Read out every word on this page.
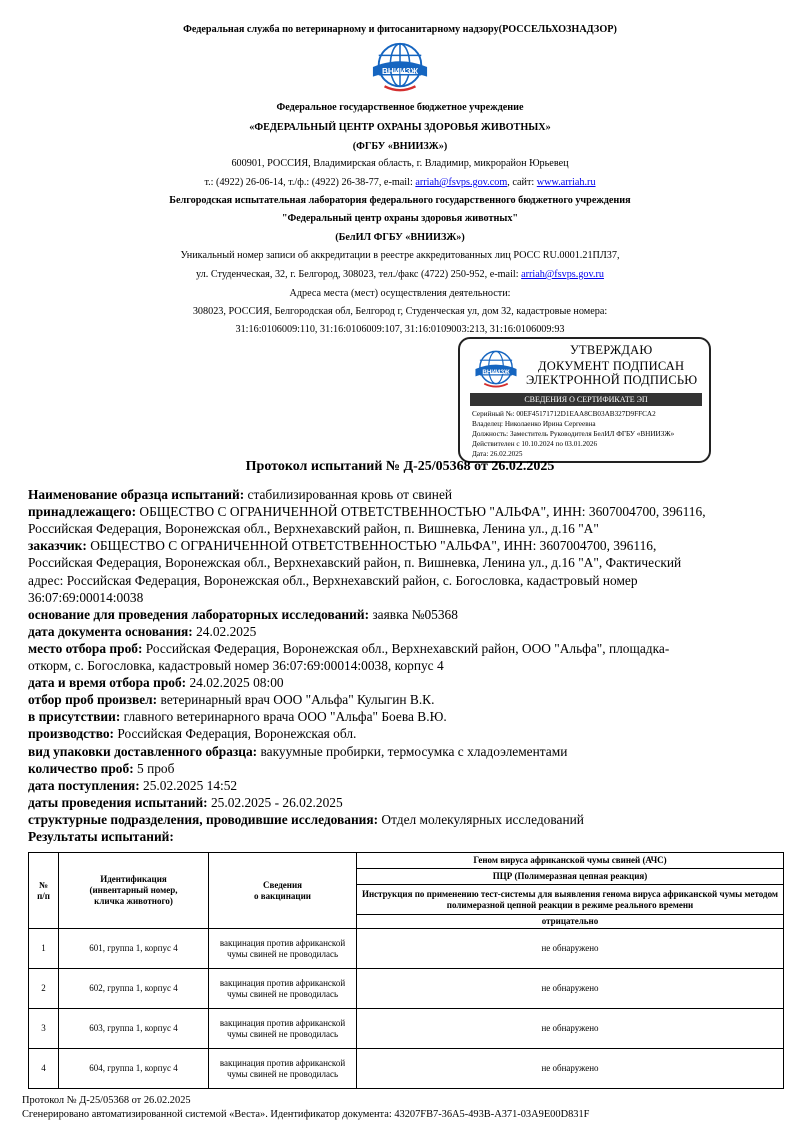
Федеральная служба по ветеринарному и фитосанитарному надзору(РОССЕЛЬХОЗНАДЗОР)
ВНИИЗЖ
Федеральное государственное бюджетное учреждение
«ФЕДЕРАЛЬНЫЙ ЦЕНТР ОХРАНЫ ЗДОРОВЬЯ ЖИВОТНЫХ»
(ФГБУ «ВНИИЗЖ»)
600901, РОССИЯ, Владимирская область, г. Владимир, микрорайон Юрьевец
т.: (4922) 26-06-14, т./ф.: (4922) 26-38-77, e-mail: arriah@fsvps.gov.com, сайт: www.arriah.ru
Белгородская испытательная лаборатория федерального государственного бюджетного учреждения
"Федеральный центр охраны здоровья животных"
(БелИЛ ФГБУ «ВНИИЗЖ»)
Уникальный номер записи об аккредитации в реестре аккредитованных лиц РОСС RU.0001.21ПЛ37,
ул. Студенческая, 32, г. Белгород, 308023, тел./факс (4722) 250-952, e-mail: arriah@fsvps.gov.ru
Адреса места (мест) осуществления деятельности:
308023, РОССИЯ, Белгородская обл, Белгород г, Студенческая ул, дом 32, кадастровые номера:
31:16:0106009:110, 31:16:0106009:107, 31:16:0109003:213, 31:16:0106009:93
ВНИИЗЖ
УТВЕРЖДАЮ
ДОКУМЕНТ ПОДПИСАН
ЭЛЕКТРОННОЙ ПОДПИСЬЮ
СВЕДЕНИЯ О СЕРТИФИКАТЕ ЭП
Серийный №: 00EF45171712D1EAA8CB03AB327D9FFCA2
Владелец: Николаенко Ирина Сергеевна
Должность: Заместитель Руководителя БелИЛ ФГБУ «ВНИИЗЖ»
Действителен с 10.10.2024 по 03.01.2026
Дата: 26.02.2025
Протокол испытаний № Д-25/05368 от 26.02.2025
Наименование образца испытаний: стабилизированная кровь от свиней
принадлежащего: ОБЩЕСТВО С ОГРАНИЧЕННОЙ ОТВЕТСТВЕННОСТЬЮ "АЛЬФА", ИНН: 3607004700, 396116,
Российская Федерация, Воронежская обл., Верхнехавский район, п. Вишневка, Ленина ул., д.16 "А"
заказчик: ОБЩЕСТВО С ОГРАНИЧЕННОЙ ОТВЕТСТВЕННОСТЬЮ "АЛЬФА", ИНН: 3607004700, 396116,
Российская Федерация, Воронежская обл., Верхнехавский район, п. Вишневка, Ленина ул., д.16 "А", Фактический
адрес: Российская Федерация, Воронежская обл., Верхнехавский район, с. Богословка, кадастровый номер
36:07:69:00014:0038
основание для проведения лабораторных исследований: заявка №05368
дата документа основания: 24.02.2025
место отбора проб: Российская Федерация, Воронежская обл., Верхнехавский район, ООО "Альфа", площадка-
откорм, с. Богословка, кадастровый номер 36:07:69:00014:0038, корпус 4
дата и время отбора проб: 24.02.2025 08:00
отбор проб произвел: ветеринарный врач ООО "Альфа" Кулыгин В.К.
в присутствии: главного ветеринарного врача ООО "Альфа" Боева В.Ю.
производство: Российская Федерация, Воронежская обл.
вид упаковки доставленного образца: вакуумные пробирки, термосумка с хладоэлементами
количество проб: 5 проб
дата поступления: 25.02.2025 14:52
даты проведения испытаний: 25.02.2025 - 26.02.2025
структурные подразделения, проводившие исследования: Отдел молекулярных исследований
Результаты испытаний:
№
п/п	Идентификация
(инвентарный номер,
кличка животного)	Сведения
о вакцинации	Геном вируса африканской чумы свиней (АЧС)
			ПЦР (Полимеразная цепная реакция)
			Инструкция по применению тест-системы для выявления генома вируса африканской чумы методом полимеразной цепной реакции в режиме реального времени
			отрицательно
1	601, группа 1, корпус 4	вакцинация против африканской чумы свиней не проводилась	не обнаружено
2	602, группа 1, корпус 4	вакцинация против африканской чумы свиней не проводилась	не обнаружено
3	603, группа 1, корпус 4	вакцинация против африканской чумы свиней не проводилась	не обнаружено
4	604, группа 1, корпус 4	вакцинация против африканской чумы свиней не проводилась	не обнаружено
Протокол № Д-25/05368 от 26.02.2025
Сгенерировано автоматизированной системой «Веста». Идентификатор документа: 43207FB7-36A5-493B-A371-03A9E00D831F
